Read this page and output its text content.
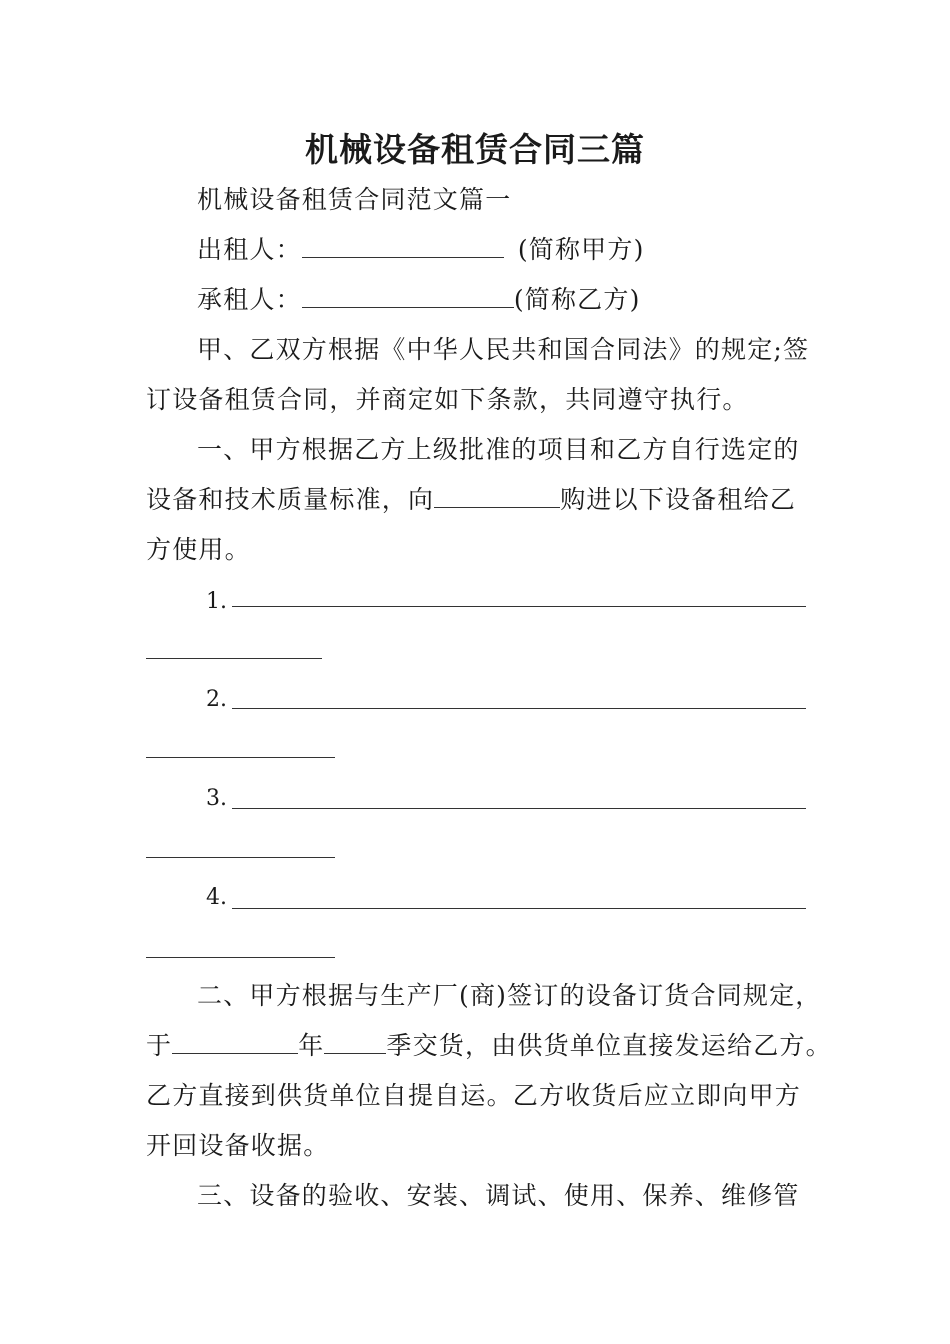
机械设备租赁合同三篇
机械设备租赁合同范文篇一
出租人：	(简称甲方)
承租人：	(简称乙方)
甲、乙双方根据《中华人民共和国合同法》的规定;签
订设备租赁合同，并商定如下条款，共同遵守执行。
一、甲方根据乙方上级批准的项目和乙方自行选定的
设备和技术质量标准，向	购进以下设备租给乙
方使用。
1.
2.
3.
4.
二、甲方根据与生产厂(商)签订的设备订货合同规定，
于	年 季交货，由供货单位直接发运给乙方。
乙方直接到供货单位自提自运。乙方收货后应立即向甲方
开回设备收据。
三、设备的验收、安装、调试、使用、保养、维修管
